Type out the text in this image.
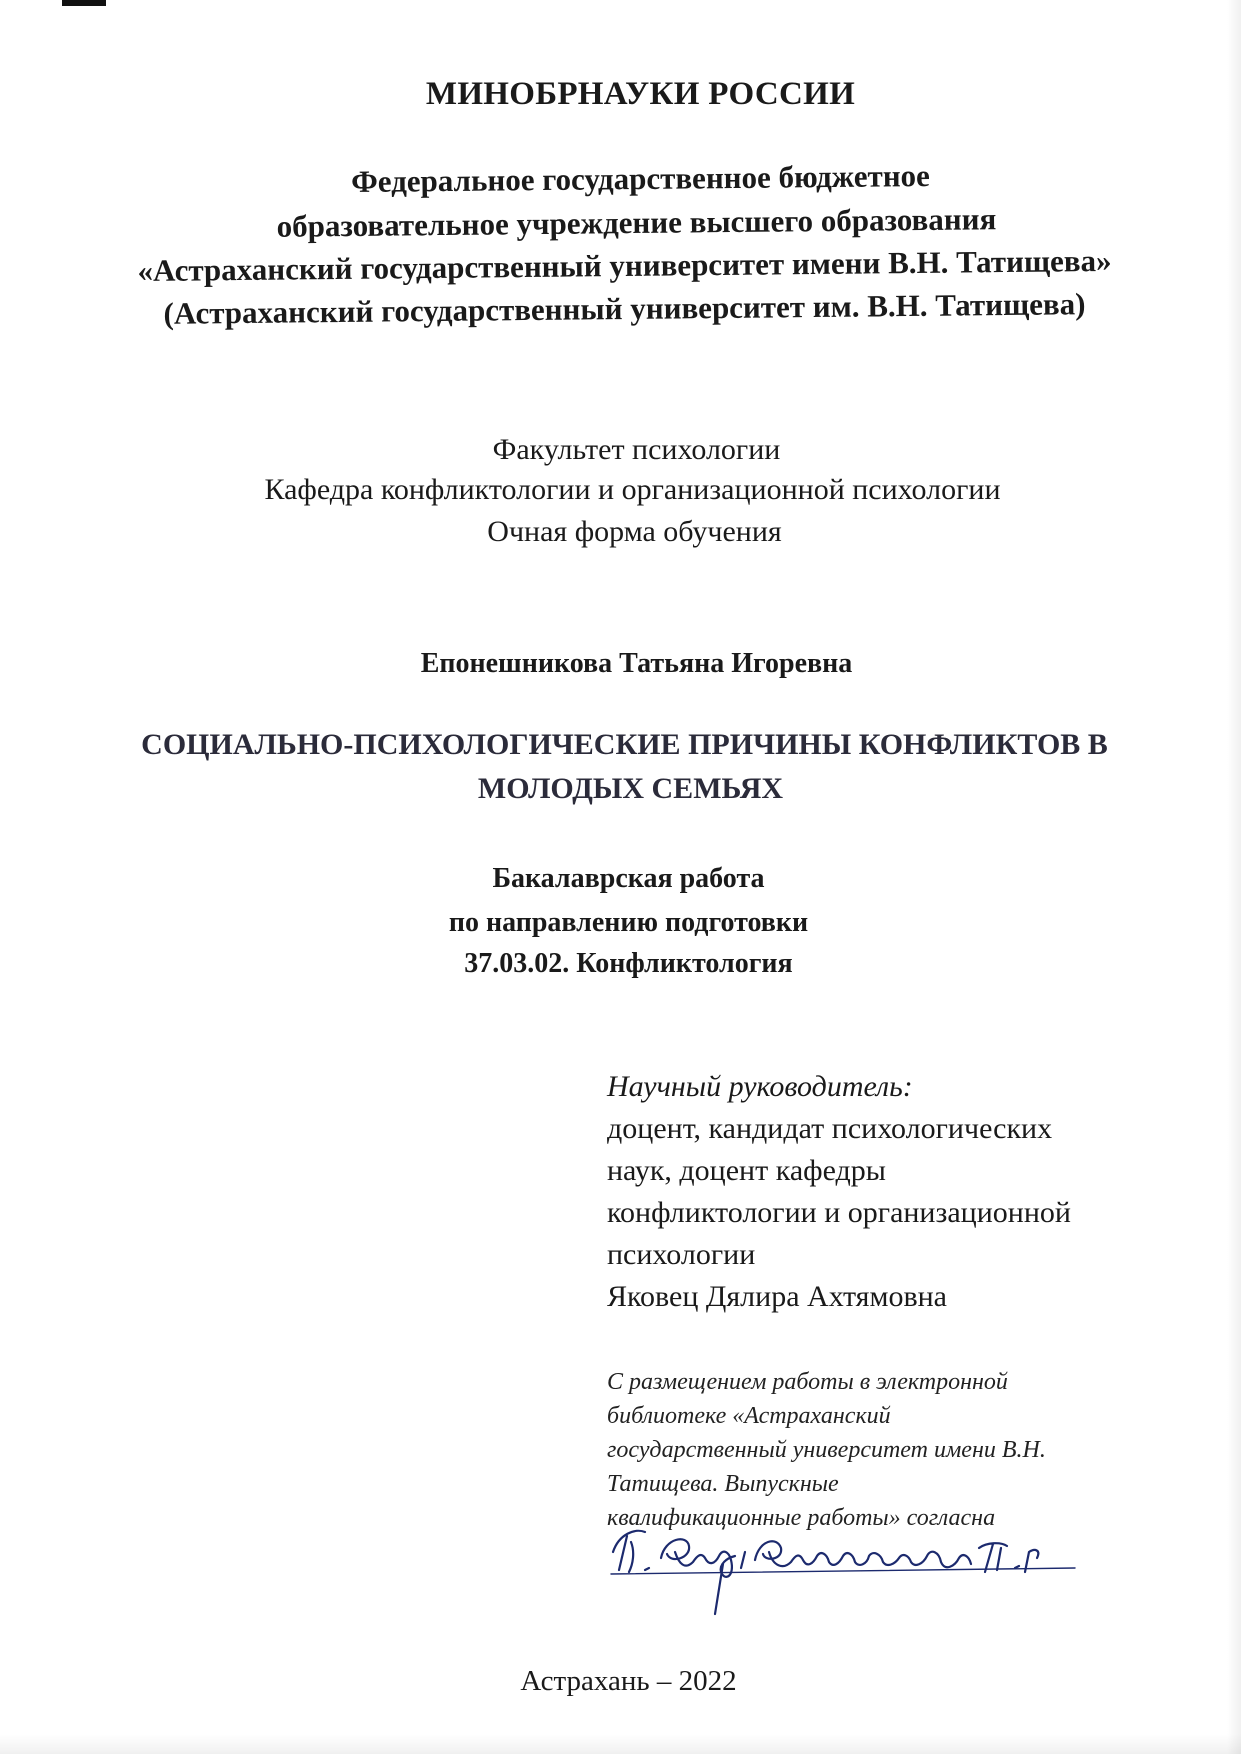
МИНОБРНАУКИ РОССИИ
Федеральное государственное бюджетное
образовательное учреждение высшего образования
«Астраханский государственный университет имени В.Н. Татищева»
(Астраханский государственный университет им. В.Н. Татищева)
Факультет психологии
Кафедра конфликтологии и организационной психологии
Очная форма обучения
Епонешникова Татьяна Игоревна
СОЦИАЛЬНО-ПСИХОЛОГИЧЕСКИЕ ПРИЧИНЫ КОНФЛИКТОВ В
МОЛОДЫХ СЕМЬЯХ
Бакалаврская работа
по направлению подготовки
37.03.02. Конфликтология
Научный руководитель:
доцент, кандидат психологических
наук, доцент кафедры
конфликтологии и организационной
психологии
Яковец Дялира Ахтямовна
С размещением работы в электронной
библиотеке «Астраханский
государственный университет имени В.Н.
Татищева. Выпускные
квалификационные работы» согласна
Астрахань – 2022
